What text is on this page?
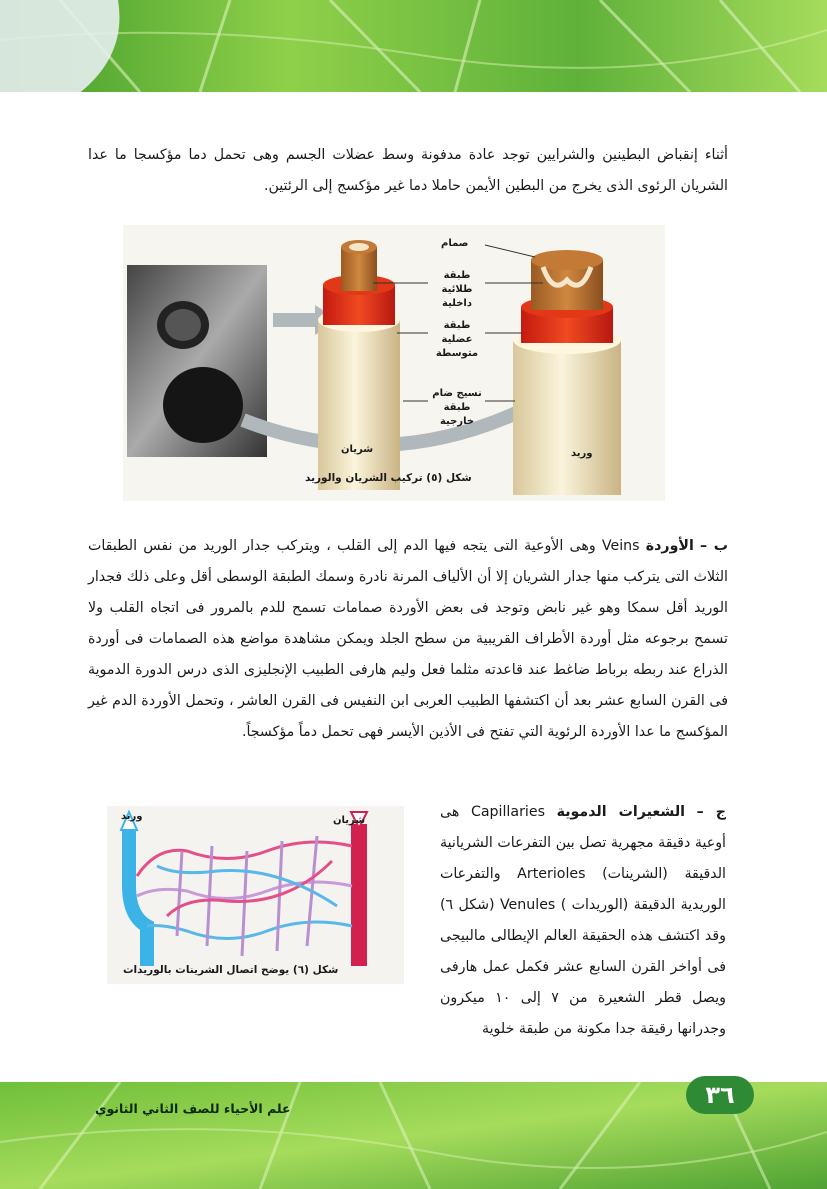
أثناء إنقباض البطينين والشرايين توجد عادة مدفونة وسط عضلات الجسم وهى تحمل دما مؤكسجا ما عدا الشريان الرئوى الذى يخرج من البطين الأيمن حاملا دما غير مؤكسج إلى الرئتين.
صمام
طبقة طلائية داخلية
طبقة عضلية متوسطة
نسيج ضام طبقة خارجية
شريان	وريد
شكل (٥) تركيب الشريان والوريد
ب – الأوردة Veins وهى الأوعية التى يتجه فيها الدم إلى القلب ، ويتركب جدار الوريد من نفس الطبقات الثلاث التى يتركب منها جدار الشريان إلا أن الألياف المرنة نادرة وسمك الطبقة الوسطى أقل وعلى ذلك فجدار الوريد أقل سمكا وهو غير نابض وتوجد فى بعض الأوردة صمامات تسمح للدم بالمرور فى اتجاه القلب ولا تسمح برجوعه مثل أوردة الأطراف القريبية من سطح الجلد ويمكن مشاهدة مواضع هذه الصمامات فى أوردة الذراع عند ربطه برباط ضاغط عند قاعدته مثلما فعل وليم هارفى الطبيب الإنجليزى الذى درس الدورة الدموية فى القرن السابع عشر بعد أن اكتشفها الطبيب العربى ابن النفيس فى القرن العاشر ، وتحمل الأوردة الدم غير المؤكسج ما عدا الأوردة الرئوية التي تفتح فى الأذين الأيسر فهى تحمل دماً مؤكسجاً.
وريد	شريان
شكل (٦) يوضح اتصال الشرينات بالوريدات
ج – الشعيرات الدموية Capillaries هى أوعية دقيقة مجهرية تصل بين التفرعات الشريانية الدقيقة (الشرينات) Arterioles والتفرعات الوريدية الدقيقة (الوريدات ) Venules (شكل ٦) وقد اكتشف هذه الحقيقة العالم الإيطالى مالبيجى فى أواخر القرن السابع عشر فكمل عمل هارفى ويصل قطر الشعيرة من ٧ إلى ١٠ ميكرون وجدرانها رقيقة جدا مكونة من طبقة خلوية
٣٦
علم الأحياء للصف الثاني الثانوي
